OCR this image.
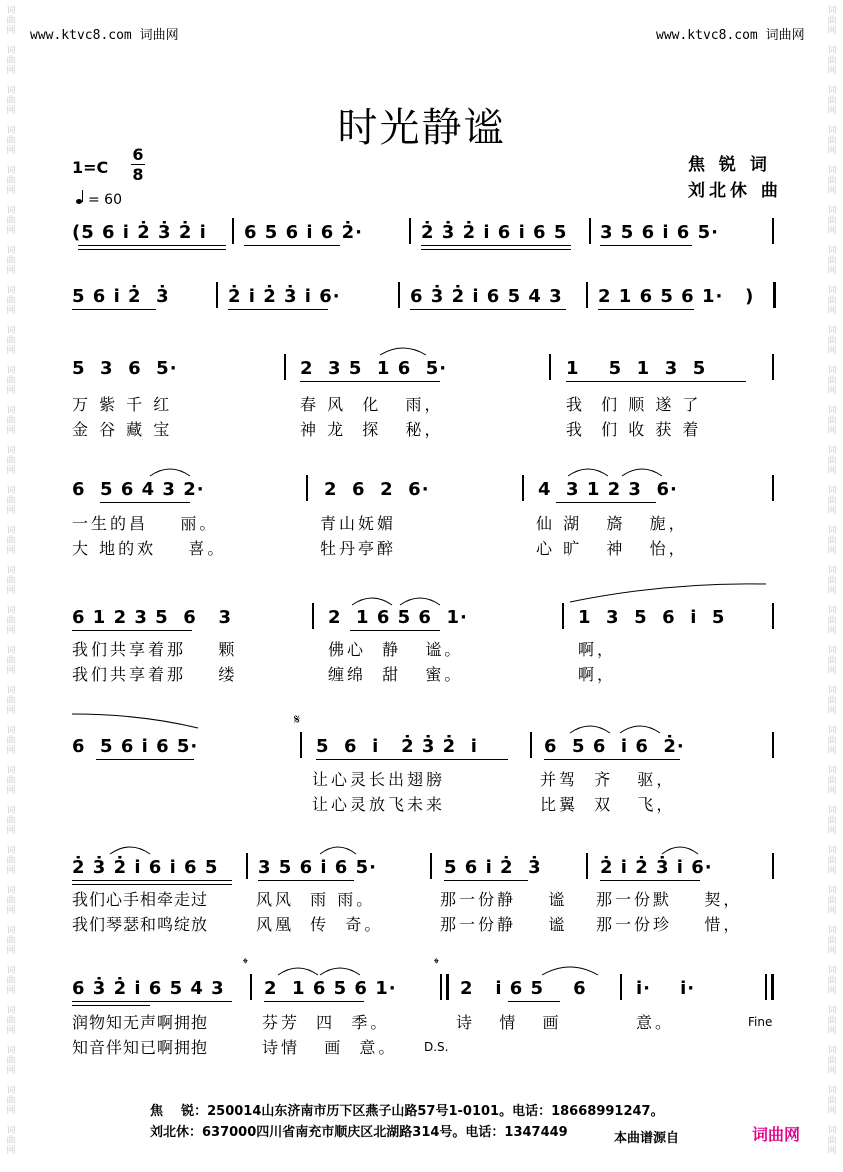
词
曲
网
词
曲
网
词
曲
网
词
曲
网
词
曲
网
词
曲
网
词
曲
网
词
曲
网
词
曲
网
词
曲
网
词
曲
网
词
曲
网
词
曲
网
词
曲
网
词
曲
网
词
曲
网
词
曲
网
词
曲
网
词
曲
网
词
曲
网
词
曲
网
词
曲
网
词
曲
网
词
曲
网
词
曲
网
词
曲
网
词
曲
网
词
曲
网
词
曲
网
词
曲
网
词
曲
网
词
曲
网
词
曲
网
词
曲
网
词
曲
网
词
曲
网
词
曲
网
词
曲
网
词
曲
网
词
曲
网
词
曲
网
词
曲
网
词
曲
网
词
曲
网
词
曲
网
词
曲
网
词
曲
网
词
曲
网
词
曲
网
词
曲
网
词
曲
网
词
曲
网
词
曲
网
词
曲
网
词
曲
网
词
曲
网
词
曲
网
词
曲
网
www.ktvc8.com 词曲网	www.ktvc8.com 词曲网
时光静谧
焦 锐 词
刘北休 曲
1=C
6
8
= 60
(5 6 i 2̇ 3̇ 2̇ i 6 5 6 i 6 2̇·	2̇ 3̇ 2̇ i 6 i 6 5 3 5 6 i 6 5·
5 6 i 2̇  3̇	2̇ i 2̇ 3̇ i 6·	6 3̇ 2̇ i 6 5 4 3 2 1 6 5 6 1·   )
5  3  6  5·	2  3 5  1 6  5·	1    5  1  3  5
万 紫 千 红	春 风  化   雨，	我  们 顺 遂 了
金 谷 藏 宝	神 龙  探   秘，	我  们 收 获 着
6  5 6 4 3 2·	2  6  2  6·	4  3 1 2 3  6·
一生的昌    丽。	青山妩媚	仙 湖   旖   旎，
大 地的欢    喜。	牡丹亭醉	心 旷   神   怡，
6 1 2 3 5  6   3	2  1 6 5 6  1·	1  3  5  6  i  5
我们共享着那    颗	佛心  静   谧。	啊，
我们共享着那    缕	缠绵  甜   蜜。	啊，
𝄋
6  5 6 i 6 5·	5  6  i   2̇ 3̇ 2̇  i	6  5 6  i 6  2̇·
让心灵长出翅膀	并驾  齐   驱，
让心灵放飞未来	比翼  双   飞，
2̇ 3̇ 2̇ i 6 i 6 5 3 5 6 i 6 5·	5 6 i 2̇  3̇	2̇ i 2̇ 3̇ i 6·
我们心手相牵走过	风风  雨 雨。	那一份静    谧 那一份默    契，
我们琴瑟和鸣绽放	风凰  传  奇。	那一份静    谧 那一份珍    惜，
𝄌	𝄌
6 3̇ 2̇ i 6 5 4 3 2  1 6 5 6 1·	2   i 6 5    6	i·    i·
润物知无声啊拥抱	芬芳  四  季。	诗   情   画	意。	Fine
知音伴知已啊拥抱	诗情   画  意。 D.S.
焦    锐：250014山东济南市历下区燕子山路57号1-0101。电话：18668991247。
刘北休：637000四川省南充市顺庆区北湖路314号。电话：1347449	本曲谱源自	词曲网
